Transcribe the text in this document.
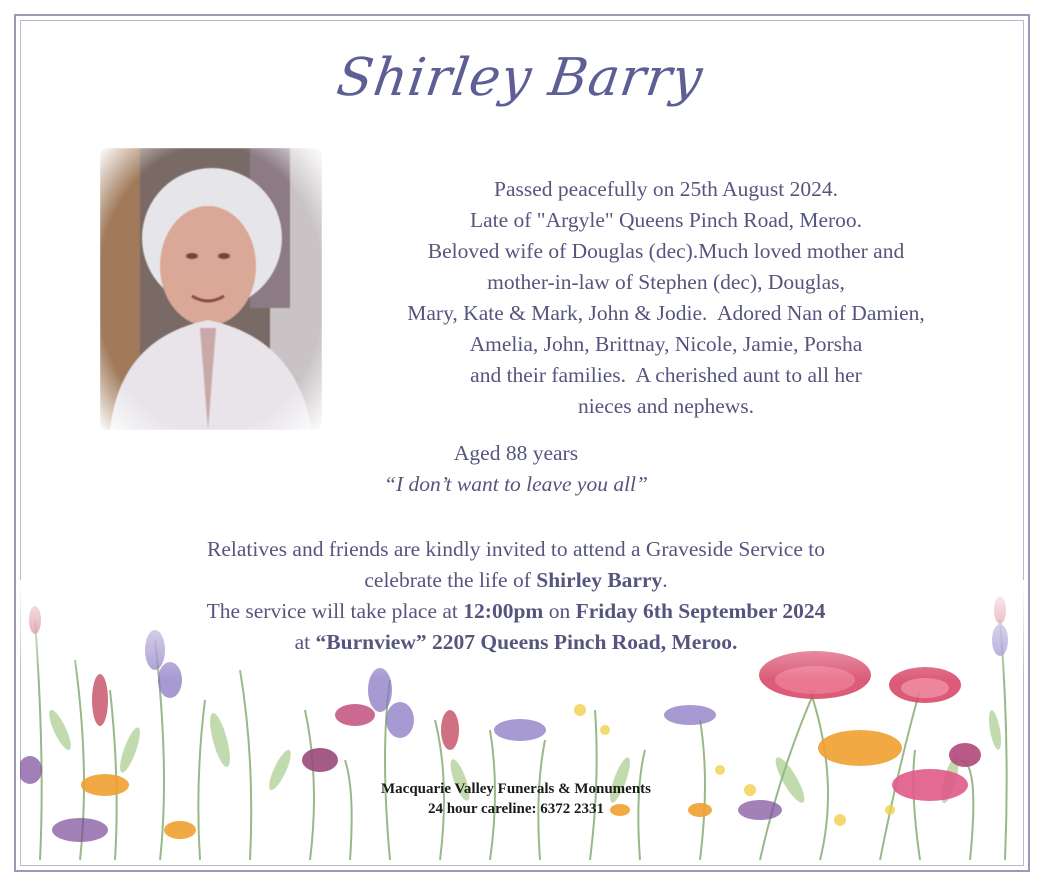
Shirley Barry
Passed peacefully on 25th August 2024.
Late of "Argyle" Queens Pinch Road, Meroo.
Beloved wife of Douglas (dec).Much loved mother and
mother-in-law of Stephen (dec), Douglas,
Mary, Kate & Mark, John & Jodie.  Adored Nan of Damien,
Amelia, John, Brittnay, Nicole, Jamie, Porsha
and their families.  A cherished aunt to all her
nieces and nephews.
Aged 88 years
“I don’t want to leave you all”
Relatives and friends are kindly invited to attend a Graveside Service to
celebrate the life of Shirley Barry.
The service will take place at 12:00pm on Friday 6th September 2024
at “Burnview” 2207 Queens Pinch Road, Meroo.
Macquarie Valley Funerals & Monuments
24 hour careline: 6372 2331
